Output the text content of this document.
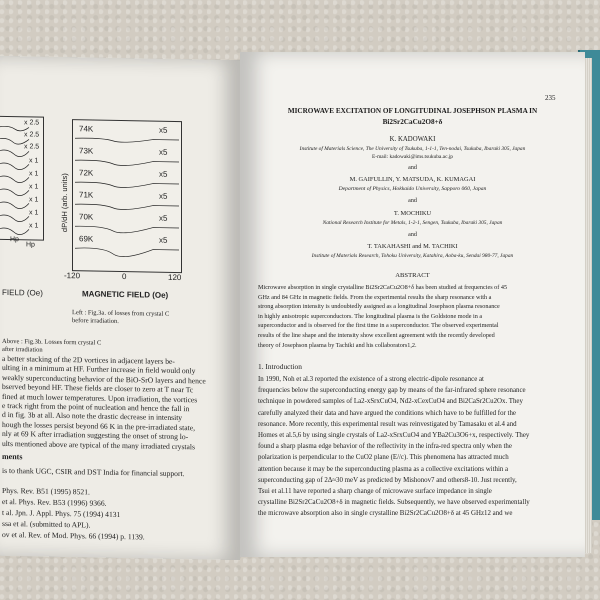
x 2.5
x 2.5
x 2.5
x 1
x 1
x 1
x 1
x 1
x 1
Hp
Hp
FIELD (Oe)
74K	x5
73K	x5
72K	x5
71K	x5
70K	x5
69K	x5
dP/dH (arb. units)
-120	0	120
MAGNETIC FIELD (Oe)
Left : Fig.3a. of losses from crystal C before irradiation.
Above : Fig.3b. Losses form crystal C after irradiation
a better stacking of the 2D vortices in adjacent layers be-
ulting in a minimum at HF. Further increase in field would only
weakly superconducting behavior of the BiO-SrO layers and hence
bserved beyond HF. These fields are closer to zero at T near Tc
fined at much lower temperatures. Upon irradiation, the vortices
e track right from the point of nucleation and hence the fall in
d in fig. 3b at all. Also note the drastic decrease in intensity
hough the losses persist beyond 66 K in the pre-irradiated state,
nly at 69 K after irradiation suggesting the onset of strong lo-
ults mentioned above are typical of the many irradiated crystals
ments
is to thank UGC, CSIR and DST India for financial support.
Phys. Rev. B51 (1995) 8521.
et al. Phys. Rev. B53 (1996) 9366.
t al. Jpn. J. Appl. Phys. 75 (1994) 4131
ssa et al. (submitted to APL).
ov et al. Rev. of Mod. Phys. 66 (1994) p. 1139.
235
MICROWAVE EXCITATION OF LONGITUDINAL JOSEPHSON PLASMA IN
Bi2Sr2CaCu2O8+δ
K. KADOWAKI
Institute of Materials Science, The University of Tsukuba, 1-1-1, Ten-nodai, Tsukuba, Ibaraki 305, Japan
E-mail: kadowaki@ims.tsukuba.ac.jp
and
M. GAIFULLIN, Y. MATSUDA, K. KUMAGAI
Department of Physics, Hokkaido University, Sapporo 060, Japan
and
T. MOCHIKU
National Research Institute for Metals, 1-2-1, Sengen, Tsukuba, Ibaraki 305, Japan
and
T. TAKAHASHI and M. TACHIKI
Institute of Materials Research, Tohoku University, Katahira, Aoba-ku, Sendai 980-77, Japan
ABSTRACT
Microwave absorption in single crystalline Bi2Sr2CaCu2O8+δ has been studied at frequencies of 45
GHz and 84 GHz in magnetic fields. From the experimental results the sharp resonance with a
strong absorption intensity is undoubtedly assigned as a longitudinal Josephson plasma resonance
in highly anisotropic superconductors. The longitudinal plasma is the Goldstone mode in a
superconductor and is observed for the first time in a superconductor. The observed experimental
results of the line shape and the intensity show excellent agreement with the recently developed
theory of Josephson plasma by Tachiki and his collaborators1,2.
1. Introduction
In 1990, Noh et al.3 reported the existence of a strong electric-dipole resonance at
frequencies below the superconducting energy gap by means of the far-infrared sphere resonance
technique in powdered samples of La2-xSrxCuO4, Nd2-xCexCuO4 and Bi2CaSr2Cu2Ox. They
carefully analyzed their data and have argued the conditions which have to be fulfilled for the
resonance. More recently, this experimental result was reinvestigated by Tamasaku et al.4 and
Homes et al.5,6 by using single crystals of La2-xSrxCuO4 and YBa2Cu3O6+x, respectively. They
found a sharp plasma edge behavior of the reflectivity in the infra-red spectra only when the
polarization is perpendicular to the CuO2 plane (E//c). This phenomena has attracted much
attention because it may be the superconducting plasma as a collective excitations within a
superconducting gap of 2Δ≈30 meV as predicted by Mishonov7 and others8-10. Just recently,
Tsui et al.11 have reported a sharp change of microwave surface impedance in single
crystalline Bi2Sr2CaCu2O8+δ in magnetic fields. Subsequently, we have observed experimentally
the microwave absorption also in single crystalline Bi2Sr2CaCu2O8+δ at 45 GHz12 and we
